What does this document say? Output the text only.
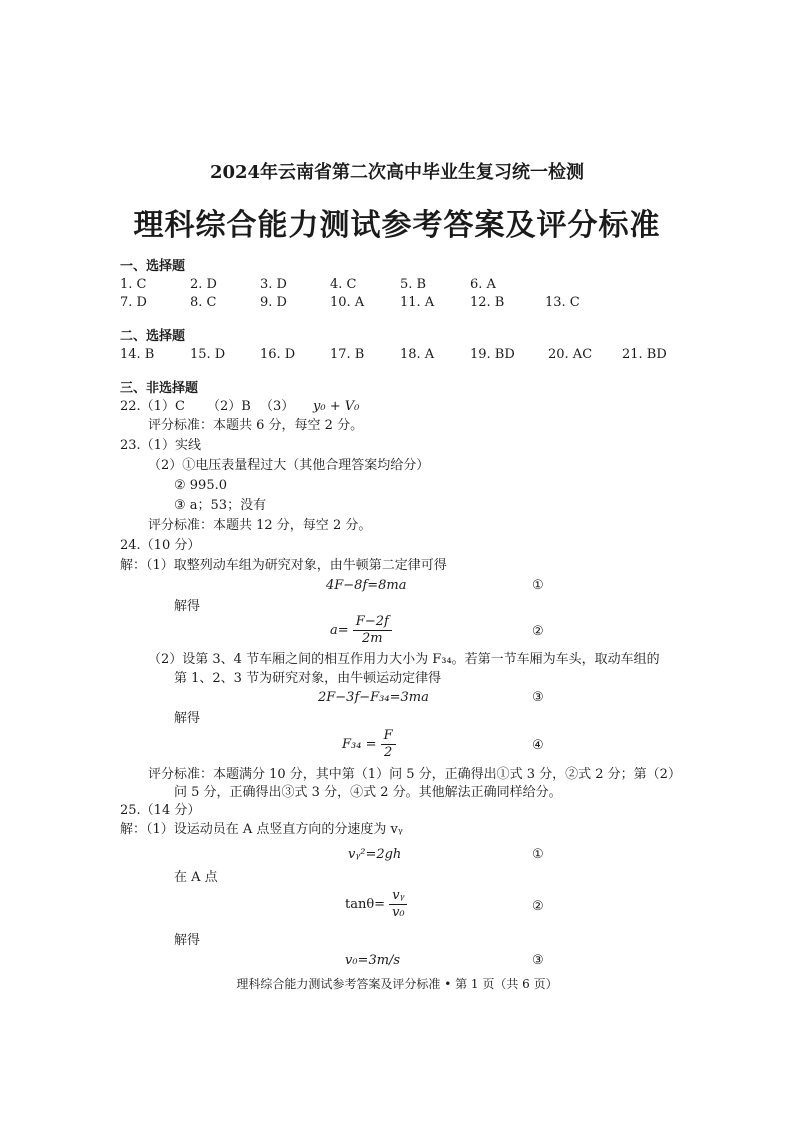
2024年云南省第二次高中毕业生复习统一检测
理科综合能力测试参考答案及评分标准
一、选择题
1. C	2. D	3. D	4. C	5. B	6. A
7. D	8. C	9. D	10. A	11. A	12. B	13. C
二、选择题
14. B	15. D	16. D	17. B	18. A	19. BD	20. AC 21. BD
三、非选择题
22.（1）C （2）B （3） y₀ + V₀
评分标准：本题共 6 分，每空 2 分。
23.（1）实线
（2）①电压表量程过大（其他合理答案均给分）
② 995.0
③ a；53；没有
评分标准：本题共 12 分，每空 2 分。
24.（10 分）
解：（1）取整列动车组为研究对象，由牛顿第二定律可得
4F−8f=8ma	①
解得
$a= \frac{F-2f}{2m}$	②
（2）设第 3、4 节车厢之间的相互作用力大小为 F₃₄。若第一节车厢为车头，取动车组的
第 1、2、3 节为研究对象，由牛顿运动定律得
2F−3f−F₃₄=3ma	③
解得
$F_{34} = \frac{F}{2}$	④
评分标准：本题满分 10 分，其中第（1）问 5 分，正确得出①式 3 分，②式 2 分；第（2）
问 5 分，正确得出③式 3 分，④式 2 分。其他解法正确同样给分。
25.（14 分）
解：（1）设运动员在 A 点竖直方向的分速度为 vᵧ
vᵧ²=2gh	①
在 A 点
$\tan\theta= \frac{\text{vᵧ}}{\text{v₀}}$	②
解得
v₀=3m/s	③
理科综合能力测试参考答案及评分标准 • 第 1 页（共 6 页）
